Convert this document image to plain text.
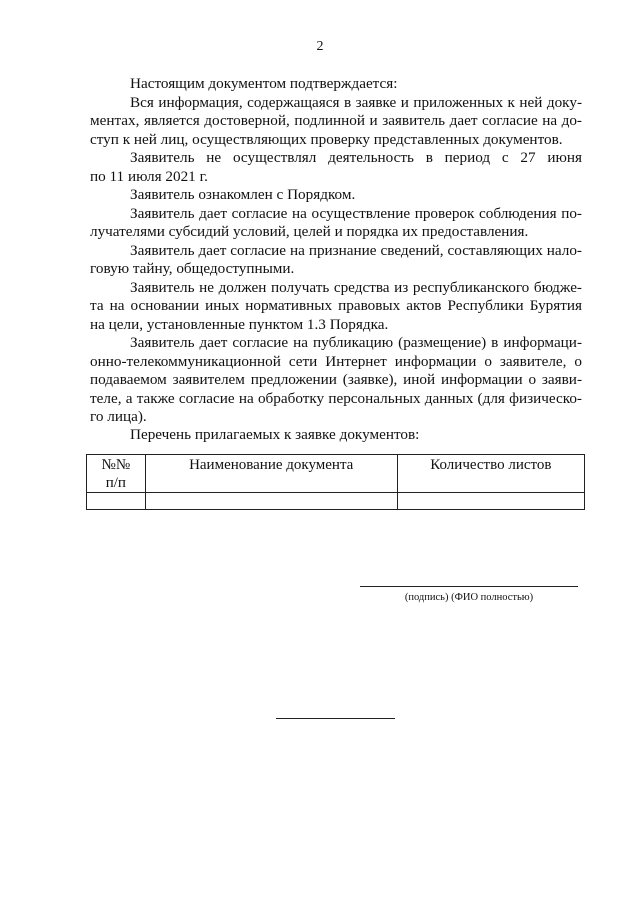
2
Настоящим документом подтверждается:
Вся информация, содержащаяся в заявке и приложенных к ней доку-
ментах, является достоверной, подлинной и заявитель дает согласие на до-
ступ к ней лиц, осуществляющих проверку представленных документов.
Заявитель не осуществлял деятельность в период с 27 июня
по 11 июля 2021 г.
Заявитель ознакомлен с Порядком.
Заявитель дает согласие на осуществление проверок соблюдения по-
лучателями субсидий условий, целей и порядка их предоставления.
Заявитель дает согласие на признание сведений, составляющих нало-
говую тайну, общедоступными.
Заявитель не должен получать средства из республиканского бюдже-
та на основании иных нормативных правовых актов Республики Бурятия
на цели, установленные пунктом 1.3 Порядка.
Заявитель дает согласие на публикацию (размещение) в информаци-
онно-телекоммуникационной сети Интернет информации о заявителе, о
подаваемом заявителем предложении (заявке), иной информации о заяви-
теле, а также согласие на обработку персональных данных (для физическо-
го лица).
Перечень прилагаемых к заявке документов:
№№
п/п	Наименование документа	Количество листов

(подпись) (ФИО полностью)
